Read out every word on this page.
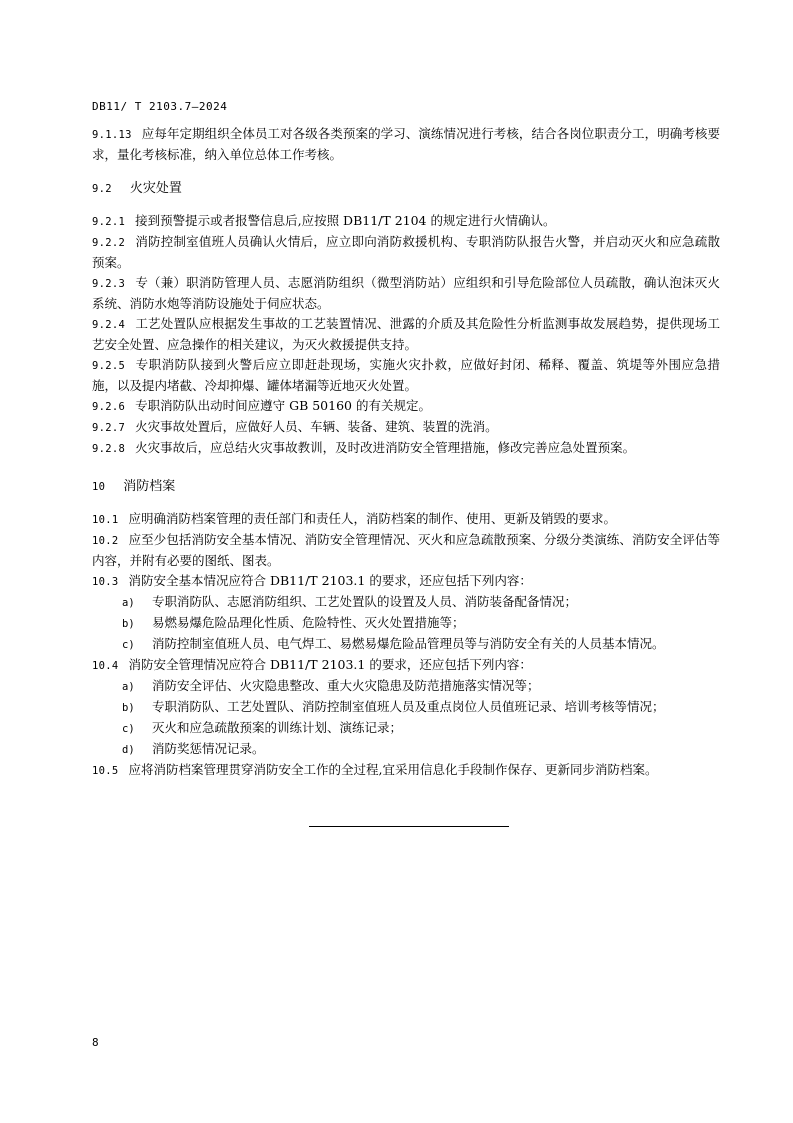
DB11/ T 2103.7—2024

9.1.13 应每年定期组织全体员工对各级各类预案的学习、演练情况进行考核，结合各岗位职责分工，明确考核要求，量化考核标准，纳入单位总体工作考核。

9.2 火灾处置

9.2.1 接到预警提示或者报警信息后,应按照 DB11/T 2104 的规定进行火情确认。

9.2.2 消防控制室值班人员确认火情后，应立即向消防救援机构、专职消防队报告火警，并启动灭火和应急疏散预案。

9.2.3 专（兼）职消防管理人员、志愿消防组织（微型消防站）应组织和引导危险部位人员疏散，确认泡沫灭火系统、消防水炮等消防设施处于伺应状态。

9.2.4 工艺处置队应根据发生事故的工艺装置情况、泄露的介质及其危险性分析监测事故发展趋势，提供现场工艺安全处置、应急操作的相关建议，为灭火救援提供支持。

9.2.5 专职消防队接到火警后应立即赶赴现场，实施火灾扑救，应做好封闭、稀释、覆盖、筑堤等外围应急措施，以及提内堵截、冷却抑爆、罐体堵漏等近地灭火处置。

9.2.6 专职消防队出动时间应遵守 GB 50160 的有关规定。

9.2.7 火灾事故处置后，应做好人员、车辆、装备、建筑、装置的洗消。

9.2.8 火灾事故后，应总结火灾事故教训，及时改进消防安全管理措施，修改完善应急处置预案。

10 消防档案

10.1 应明确消防档案管理的责任部门和责任人，消防档案的制作、使用、更新及销毁的要求。

10.2 应至少包括消防安全基本情况、消防安全管理情况、灭火和应急疏散预案、分级分类演练、消防安全评估等内容，并附有必要的图纸、图表。

10.3 消防安全基本情况应符合 DB11/T 2103.1 的要求，还应包括下列内容：

a) 专职消防队、志愿消防组织、工艺处置队的设置及人员、消防装备配备情况；

b) 易燃易爆危险品理化性质、危险特性、灭火处置措施等；

c) 消防控制室值班人员、电气焊工、易燃易爆危险品管理员等与消防安全有关的人员基本情况。

10.4 消防安全管理情况应符合 DB11/T 2103.1 的要求，还应包括下列内容：

a) 消防安全评估、火灾隐患整改、重大火灾隐患及防范措施落实情况等；

b) 专职消防队、工艺处置队、消防控制室值班人员及重点岗位人员值班记录、培训考核等情况；

c) 灭火和应急疏散预案的训练计划、演练记录；

d) 消防奖惩情况记录。

10.5 应将消防档案管理贯穿消防安全工作的全过程,宜采用信息化手段制作保存、更新同步消防档案。

8
